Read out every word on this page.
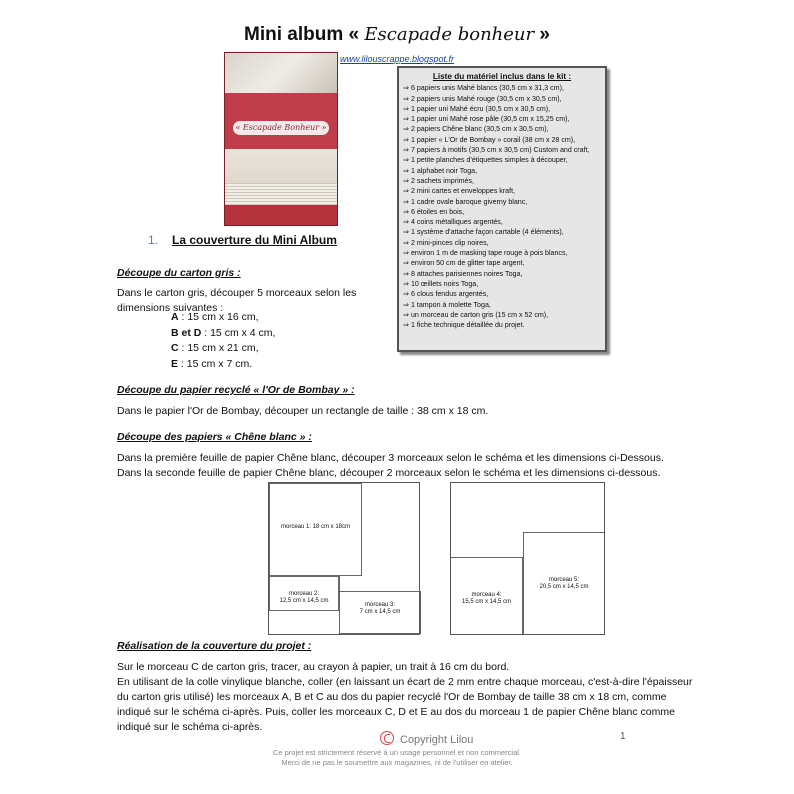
Mini album « Escapade bonheur »
www.lilouscrappe.blogspot.fr
« Escapade Bonheur »
Liste du matériel inclus dans le kit :
⇒ 6 papiers unis Mahé blancs (30,5 cm x 31,3 cm),
⇒ 2 papiers unis Mahé rouge (30,5 cm x 30,5 cm),
⇒ 1 papier uni Mahé écru (30,5 cm x 30,5 cm),
⇒ 1 papier uni Mahé rose pâle (30,5 cm x 15,25 cm),
⇒ 2 papiers Chêne blanc (30,5 cm x 30,5 cm),
⇒ 1 papier « L'Or de Bombay » corail (38 cm x 28 cm),
⇒ 7 papiers à motifs (30,5 cm x 30,5 cm) Custom and craft,
⇒ 1 petite planches d'étiquettes simples à découper,
⇒ 1 alphabet noir Toga,
⇒ 2 sachets imprimés,
⇒ 2 mini cartes et enveloppes kraft,
⇒ 1 cadre ovale baroque giverny blanc,
⇒ 6 étoiles en bois,
⇒ 4 coins métalliques argentés,
⇒ 1 système d'attache façon cartable (4 éléments),
⇒ 2 mini-pinces clip noires,
⇒ environ 1 m de masking tape rouge à pois blancs,
⇒ environ 50 cm de glitter tape argent,
⇒ 8 attaches parisiennes noires Toga,
⇒ 10 œillets noirs Toga,
⇒ 6 clous fendus argentés,
⇒ 1 tampon à molette Toga,
⇒ un morceau de carton gris (15 cm x 52 cm),
⇒ 1 fiche technique détaillée du projet.
1. La couverture du Mini Album
Découpe du carton gris :
Dans le carton gris, découper 5 morceaux selon les dimensions suivantes :
A : 15 cm x 16 cm,
B et D : 15 cm x 4 cm,
C : 15 cm x 21 cm,
E : 15 cm x 7 cm.
Découpe du papier recyclé « l'Or de Bombay » :
Dans le papier l'Or de Bombay, découper un rectangle de taille : 38 cm x 18 cm.
Découpe des papiers « Chêne blanc » :
Dans la première feuille de papier Chêne blanc, découper 3 morceaux selon le schéma et les dimensions ci-Dessous. Dans la seconde feuille de papier Chêne blanc, découper 2 morceaux selon le schéma et les dimensions ci-dessous.
morceau 1: 18 cm x 18cm
morceau 2:
12,5 cm x 14,5 cm
morceau 3:
7 cm x 14,5 cm
morceau 4:
15,5 cm x 14,5 cm
morceau 5:
20,5 cm x 14,5 cm
Réalisation de la couverture du projet :
Sur le morceau C de carton gris, tracer, au crayon à papier, un trait à 16 cm du bord.
En utilisant de la colle vinylique blanche, coller (en laissant un écart de 2 mm entre chaque morceau, c'est-à-dire l'épaisseur du carton gris utilisé) les morceaux A, B et C au dos du papier recyclé l'Or de Bombay de taille 38 cm x 18 cm, comme indiqué sur le schéma ci-après. Puis, coller les morceaux C, D et E au dos du morceau 1 de papier Chêne blanc comme indiqué sur le schéma ci-après.
Copyright Lilou
Ce projet est strictement réservé à un usage personnel et non commercial.
Merci de ne pas le soumettre aux magazines, ni de l'utiliser en atelier.
1
